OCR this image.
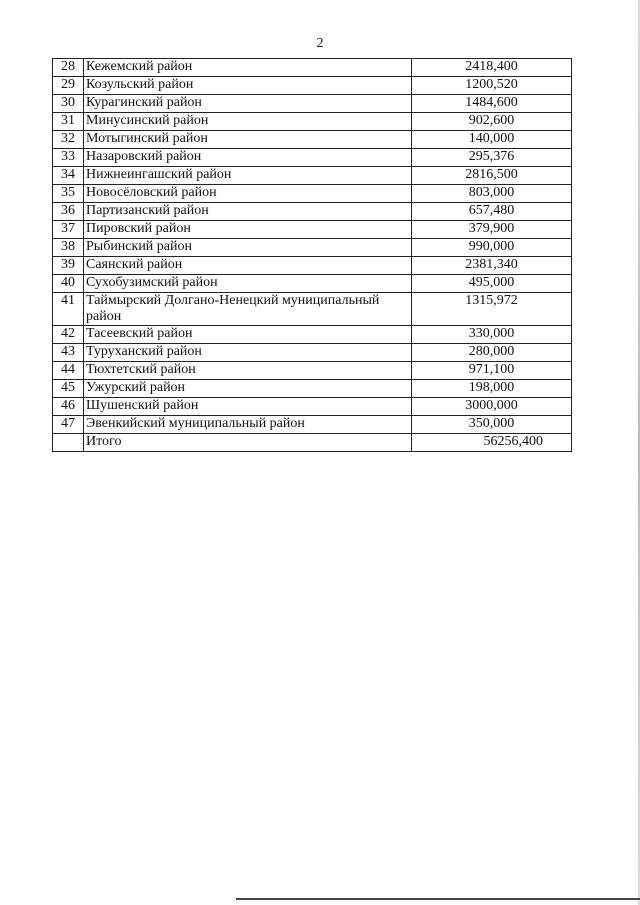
2
28	Кежемский район	2418,400
29	Козульский район	1200,520
30	Курагинский район	1484,600
31	Минусинский район	902,600
32	Мотыгинский район	140,000
33	Назаровский район	295,376
34	Нижнеингашский район	2816,500
35	Новосёловский район	803,000
36	Партизанский район	657,480
37	Пировский район	379,900
38	Рыбинский район	990,000
39	Саянский район	2381,340
40	Сухобузимский район	495,000
41	Таймырский Долгано-Ненецкий муниципальный район	1315,972
42	Тасеевский район	330,000
43	Туруханский район	280,000
44	Тюхтетский район	971,100
45	Ужурский район	198,000
46	Шушенский район	3000,000
47	Эвенкийский муниципальный район	350,000
	Итого	56256,400
